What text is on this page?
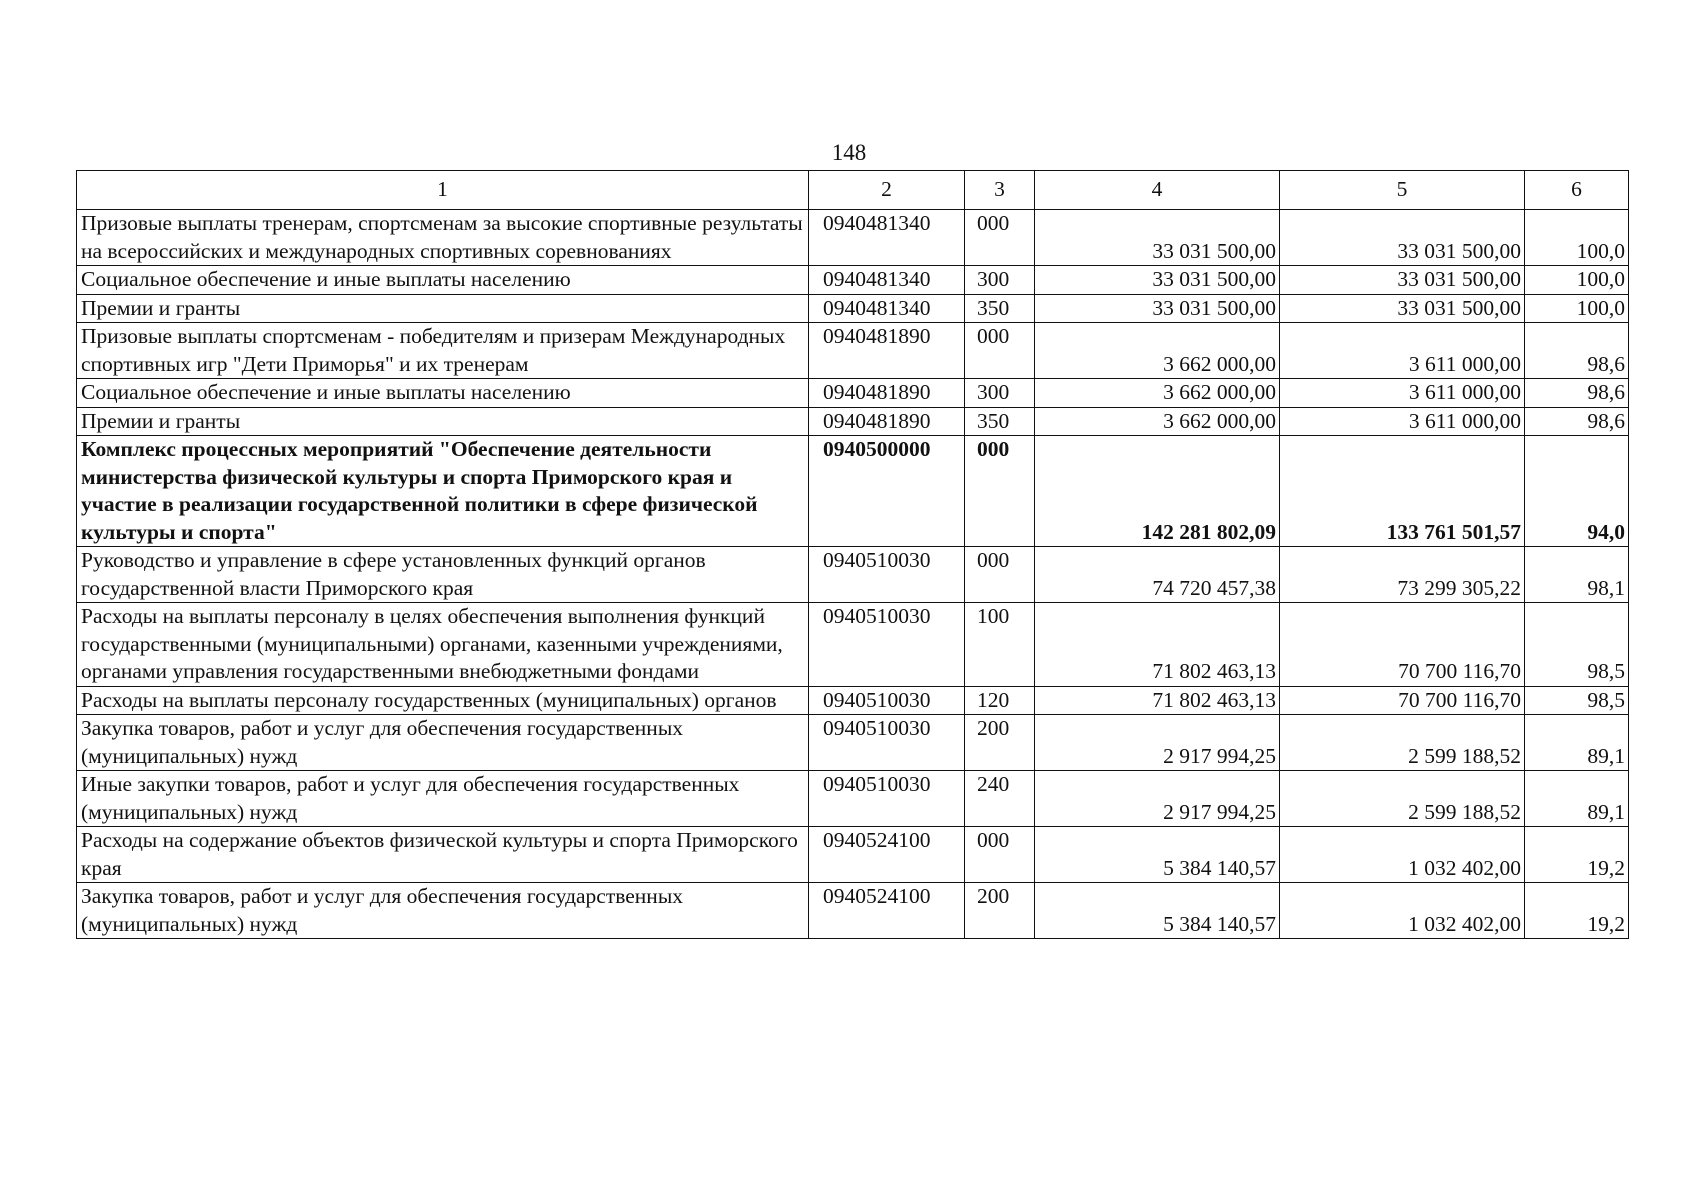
148
1	2	3	4	5	6
Призовые выплаты тренерам, спортсменам за высокие спортивные результаты на всероссийских и международных спортивных соревнованиях	0940481340	000	33 031 500,00	33 031 500,00	100,0
Социальное обеспечение и иные выплаты населению	0940481340	300	33 031 500,00	33 031 500,00	100,0
Премии и гранты	0940481340	350	33 031 500,00	33 031 500,00	100,0
Призовые выплаты спортсменам - победителям и призерам Международных спортивных игр "Дети Приморья" и их тренерам	0940481890	000	3 662 000,00	3 611 000,00	98,6
Социальное обеспечение и иные выплаты населению	0940481890	300	3 662 000,00	3 611 000,00	98,6
Премии и гранты	0940481890	350	3 662 000,00	3 611 000,00	98,6
Комплекс процессных мероприятий "Обеспечение деятельности министерства физической культуры и спорта Приморского края и участие в реализации государственной политики в сфере физической культуры и спорта"	0940500000	000	142 281 802,09	133 761 501,57	94,0
Руководство и управление в сфере установленных функций органов государственной власти Приморского края	0940510030	000	74 720 457,38	73 299 305,22	98,1
Расходы на выплаты персоналу в целях обеспечения выполнения функций государственными (муниципальными) органами, казенными учреждениями, органами управления государственными внебюджетными фондами	0940510030	100	71 802 463,13	70 700 116,70	98,5
Расходы на выплаты персоналу государственных (муниципальных) органов	0940510030	120	71 802 463,13	70 700 116,70	98,5
Закупка товаров, работ и услуг для обеспечения государственных (муниципальных) нужд	0940510030	200	2 917 994,25	2 599 188,52	89,1
Иные закупки товаров, работ и услуг для обеспечения государственных (муниципальных) нужд	0940510030	240	2 917 994,25	2 599 188,52	89,1
Расходы на содержание объектов физической культуры и спорта Приморского края	0940524100	000	5 384 140,57	1 032 402,00	19,2
Закупка товаров, работ и услуг для обеспечения государственных (муниципальных) нужд	0940524100	200	5 384 140,57	1 032 402,00	19,2
